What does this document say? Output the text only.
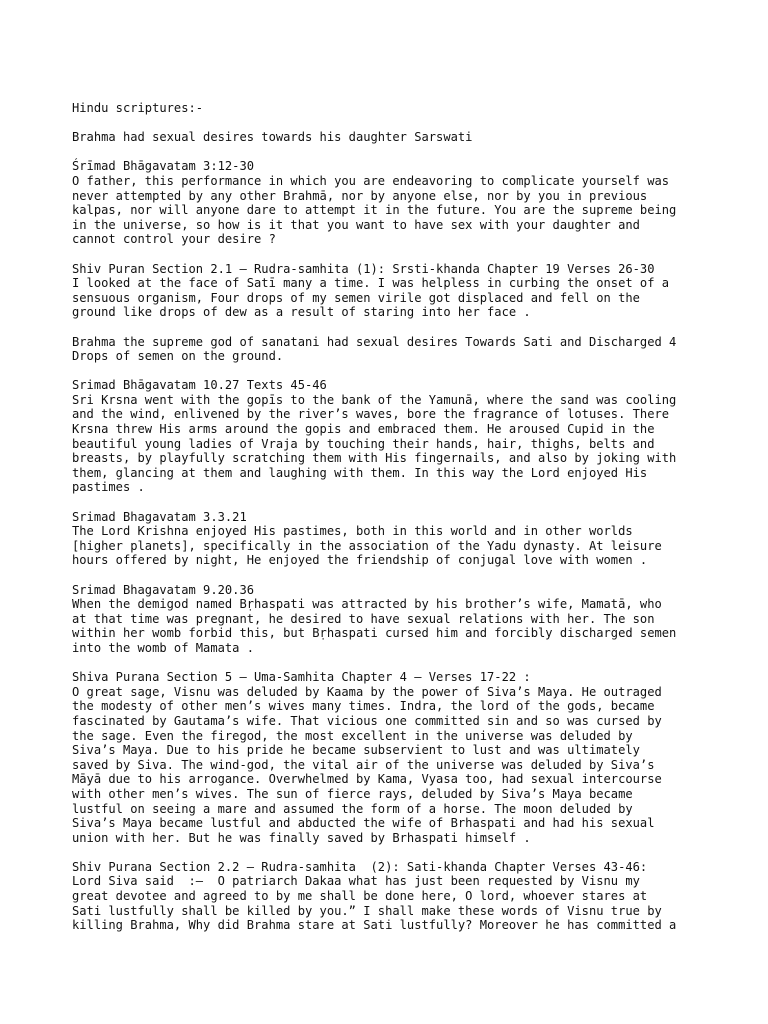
Hindu scriptures:-
Brahma had sexual desires towards his daughter Sarswati
Śrīmad Bhāgavatam 3:12-30
O father, this performance in which you are endeavoring to complicate yourself was
never attempted by any other Brahmā, nor by anyone else, nor by you in previous
kalpas, nor will anyone dare to attempt it in the future. You are the supreme being
in the universe, so how is it that you want to have sex with your daughter and
cannot control your desire ?
Shiv Puran Section 2.1 – Rudra-samhita (1): Srsti-khanda Chapter 19 Verses 26-30
I looked at the face of Satī many a time. I was helpless in curbing the onset of a
sensuous organism, Four drops of my semen virile got displaced and fell on the
ground like drops of dew as a result of staring into her face .
Brahma the supreme god of sanatani had sexual desires Towards Sati and Discharged 4
Drops of semen on the ground.
Srimad Bhāgavatam 10.27 Texts 45-46
Sri Krsna went with the gopīs to the bank of the Yamunā, where the sand was cooling
and the wind, enlivened by the river’s waves, bore the fragrance of lotuses. There
Krsna threw His arms around the gopis and embraced them. He aroused Cupid in the
beautiful young ladies of Vraja by touching their hands, hair, thighs, belts and
breasts, by playfully scratching them with His fingernails, and also by joking with
them, glancing at them and laughing with them. In this way the Lord enjoyed His
pastimes .
Srimad Bhagavatam 3.3.21
The Lord Krishna enjoyed His pastimes, both in this world and in other worlds
[higher planets], specifically in the association of the Yadu dynasty. At leisure
hours offered by night, He enjoyed the friendship of conjugal love with women .
Srimad Bhagavatam 9.20.36
When the demigod named Bṛhaspati was attracted by his brother’s wife, Mamatā, who
at that time was pregnant, he desired to have sexual relations with her. The son
within her womb forbid this, but Bṛhaspati cursed him and forcibly discharged semen
into the womb of Mamata .
Shiva Purana Section 5 – Uma-Samhita Chapter 4 – Verses 17-22 :
O great sage, Visnu was deluded by Kaama by the power of Siva’s Maya. He outraged
the modesty of other men’s wives many times. Indra, the lord of the gods, became
fascinated by Gautama’s wife. That vicious one committed sin and so was cursed by
the sage. Even the firegod, the most excellent in the universe was deluded by
Siva’s Maya. Due to his pride he became subservient to lust and was ultimately
saved by Siva. The wind-god, the vital air of the universe was deluded by Siva’s
Māyā due to his arrogance. Overwhelmed by Kama, Vyasa too, had sexual intercourse
with other men’s wives. The sun of fierce rays, deluded by Siva’s Maya became
lustful on seeing a mare and assumed the form of a horse. The moon deluded by
Siva’s Maya became lustful and abducted the wife of Brhaspati and had his sexual
union with her. But he was finally saved by Brhaspati himself .
Shiv Purana Section 2.2 – Rudra-samhita  (2): Sati-khanda Chapter Verses 43-46:
Lord Siva said  :—  O patriarch Dakaa what has just been requested by Visnu my
great devotee and agreed to by me shall be done here, O lord, whoever stares at
Sati lustfully shall be killed by you.” I shall make these words of Visnu true by
killing Brahma, Why did Brahma stare at Sati lustfully? Moreover he has committed a
